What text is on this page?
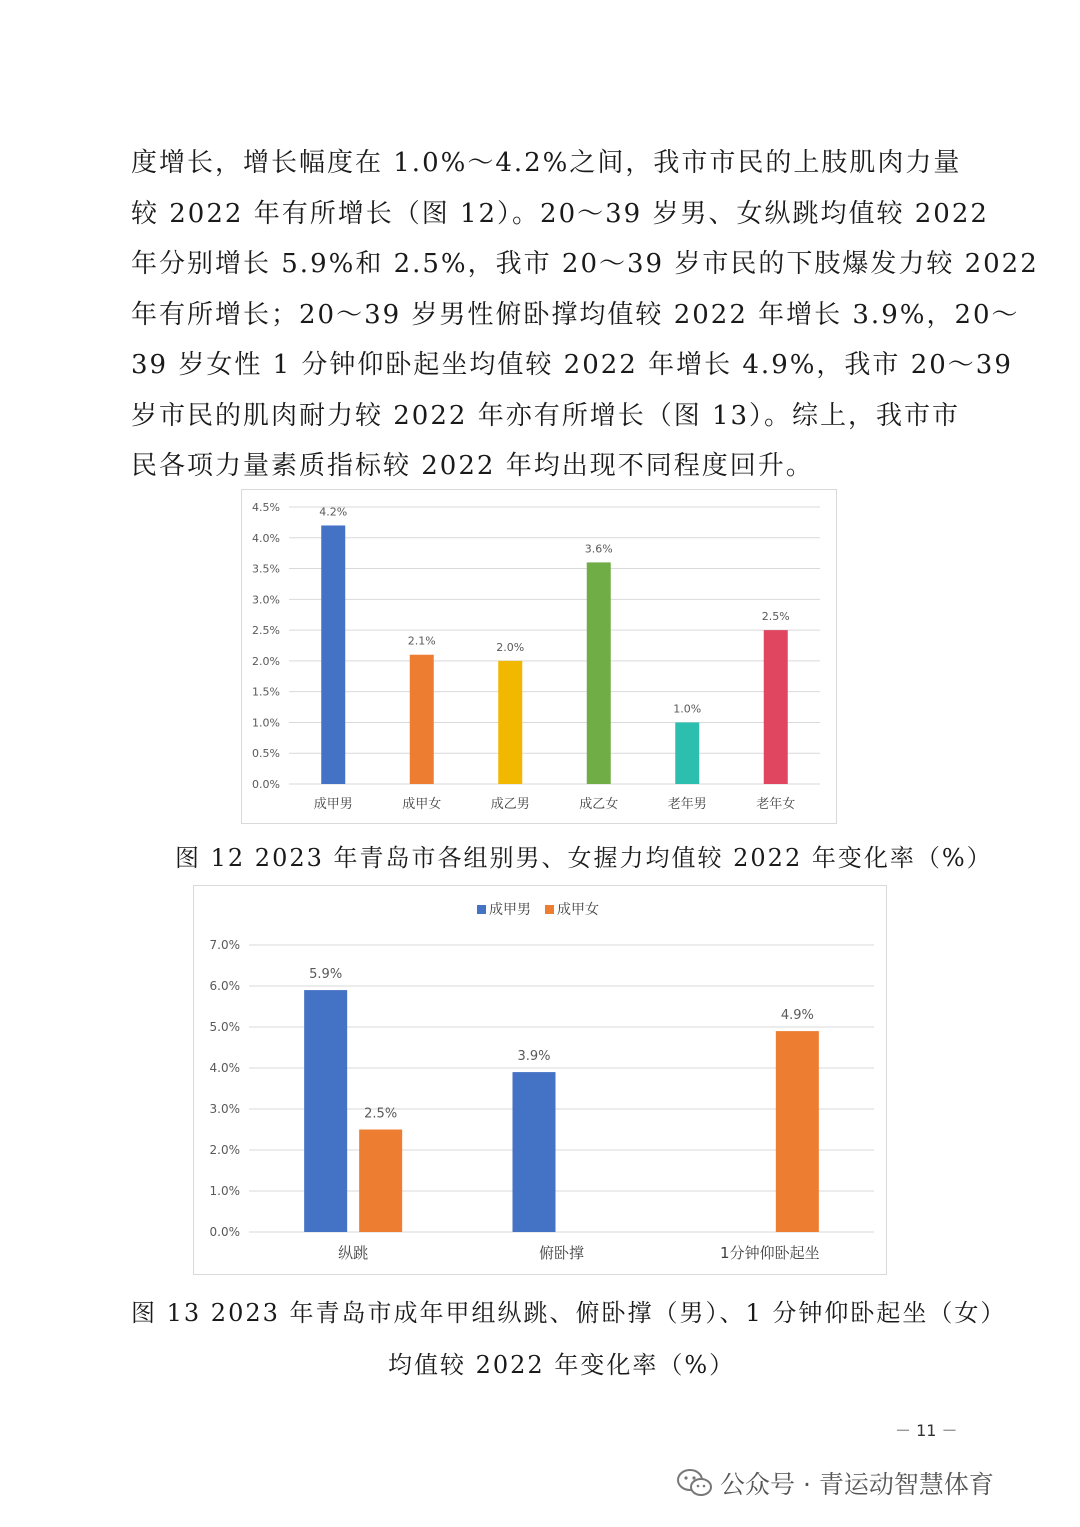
度增长，增长幅度在 1.0%～4.2%之间，我市市民的上肢肌肉力量
较 2022 年有所增长（图 12）。20～39 岁男、女纵跳均值较 2022
年分别增长 5.9%和 2.5%，我市 20～39 岁市民的下肢爆发力较 2022
年有所增长；20～39 岁男性俯卧撑均值较 2022 年增长 3.9%，20～
39 岁女性 1 分钟仰卧起坐均值较 2022 年增长 4.9%，我市 20～39
岁市民的肌肉耐力较 2022 年亦有所增长（图 13）。综上，我市市
民各项力量素质指标较 2022 年均出现不同程度回升。
0.0%
0.5%
1.0%
1.5%
2.0%
2.5%
3.0%
3.5%
4.0%
4.5%	4.2%
成甲男
2.1%
成甲女
2.0%
成乙男
3.6%
成乙女
1.0%
老年男
2.5%
老年女
图 12 2023 年青岛市各组别男、女握力均值较 2022 年变化率（%）
0.0%
1.0%
2.0%
3.0%
4.0%
5.0%
6.0%
7.0%
5.9%
2.5%
纵跳
3.9%
俯卧撑
4.9%
1分钟仰卧起坐
成甲男 成甲女
图 13 2023 年青岛市成年甲组纵跳、俯卧撑（男）、1 分钟仰卧起坐（女）
均值较 2022 年变化率（%）
－ 11 －
公众号 · 青运动智慧体育
